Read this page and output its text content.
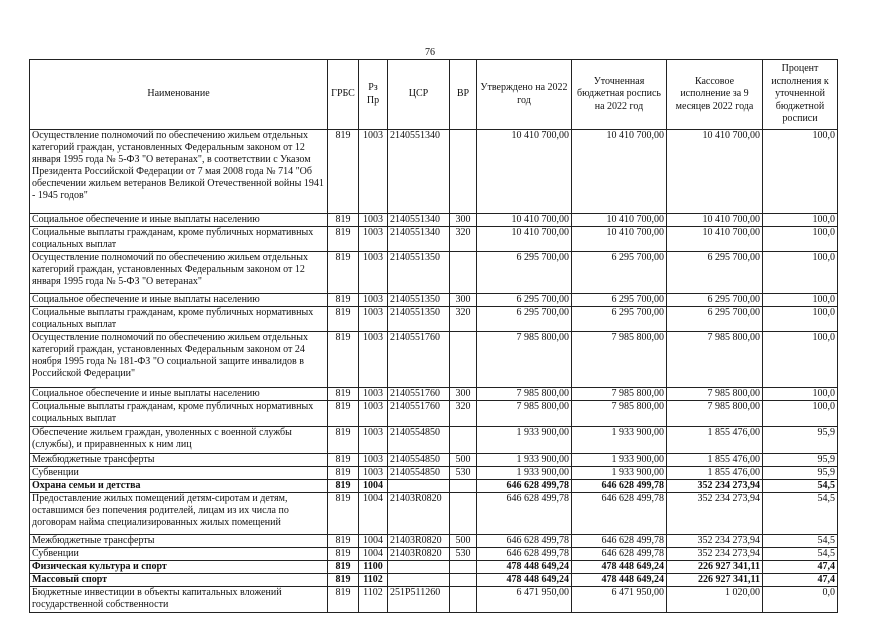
76
Наименование	ГРБС	Рз Пр	ЦСР	ВР	Утверждено на 2022 год	Уточненная бюджетная роспись на 2022 год	Кассовое исполнение за 9 месяцев 2022 года	Процент исполнения к уточненной бюджетной росписи
Осуществление полномочий по обеспечению жильем отдельных категорий граждан, установленных Федеральным законом от 12 января 1995 года № 5-ФЗ "О ветеранах", в соответствии с Указом Президента Российской Федерации от 7 мая 2008 года № 714 "Об обеспечении жильем ветеранов Великой Отечественной войны 1941 - 1945 годов"	819	1003	2140551340		10 410 700,00	10 410 700,00	10 410 700,00	100,0
Социальное обеспечение и иные выплаты населению	819	1003	2140551340	300	10 410 700,00	10 410 700,00	10 410 700,00	100,0
Социальные выплаты гражданам, кроме публичных нормативных социальных выплат	819	1003	2140551340	320	10 410 700,00	10 410 700,00	10 410 700,00	100,0
Осуществление полномочий по обеспечению жильем отдельных категорий граждан, установленных Федеральным законом от 12 января 1995 года № 5-ФЗ "О ветеранах"	819	1003	2140551350		6 295 700,00	6 295 700,00	6 295 700,00	100,0
Социальное обеспечение и иные выплаты населению	819	1003	2140551350	300	6 295 700,00	6 295 700,00	6 295 700,00	100,0
Социальные выплаты гражданам, кроме публичных нормативных социальных выплат	819	1003	2140551350	320	6 295 700,00	6 295 700,00	6 295 700,00	100,0
Осуществление полномочий по обеспечению жильем отдельных категорий граждан, установленных Федеральным законом от 24 ноября 1995 года № 181-ФЗ "О социальной защите инвалидов в Российской Федерации"	819	1003	2140551760		7 985 800,00	7 985 800,00	7 985 800,00	100,0
Социальное обеспечение и иные выплаты населению	819	1003	2140551760	300	7 985 800,00	7 985 800,00	7 985 800,00	100,0
Социальные выплаты гражданам, кроме публичных нормативных социальных выплат	819	1003	2140551760	320	7 985 800,00	7 985 800,00	7 985 800,00	100,0
Обеспечение жильем граждан, уволенных с военной службы (службы), и приравненных к ним лиц	819	1003	2140554850		1 933 900,00	1 933 900,00	1 855 476,00	95,9
Межбюджетные трансферты	819	1003	2140554850	500	1 933 900,00	1 933 900,00	1 855 476,00	95,9
Субвенции	819	1003	2140554850	530	1 933 900,00	1 933 900,00	1 855 476,00	95,9
Охрана семьи и детства	819	1004			646 628 499,78	646 628 499,78	352 234 273,94	54,5
Предоставление жилых помещений детям-сиротам и детям, оставшимся без попечения родителей, лицам из их числа по договорам найма специализированных жилых помещений	819	1004	21403R0820		646 628 499,78	646 628 499,78	352 234 273,94	54,5
Межбюджетные трансферты	819	1004	21403R0820	500	646 628 499,78	646 628 499,78	352 234 273,94	54,5
Субвенции	819	1004	21403R0820	530	646 628 499,78	646 628 499,78	352 234 273,94	54,5
Физическая культура и спорт	819	1100			478 448 649,24	478 448 649,24	226 927 341,11	47,4
Массовый спорт	819	1102			478 448 649,24	478 448 649,24	226 927 341,11	47,4
Бюджетные инвестиции в объекты капитальных вложений государственной собственности	819	1102	251P511260		6 471 950,00	6 471 950,00	1 020,00	0,0
